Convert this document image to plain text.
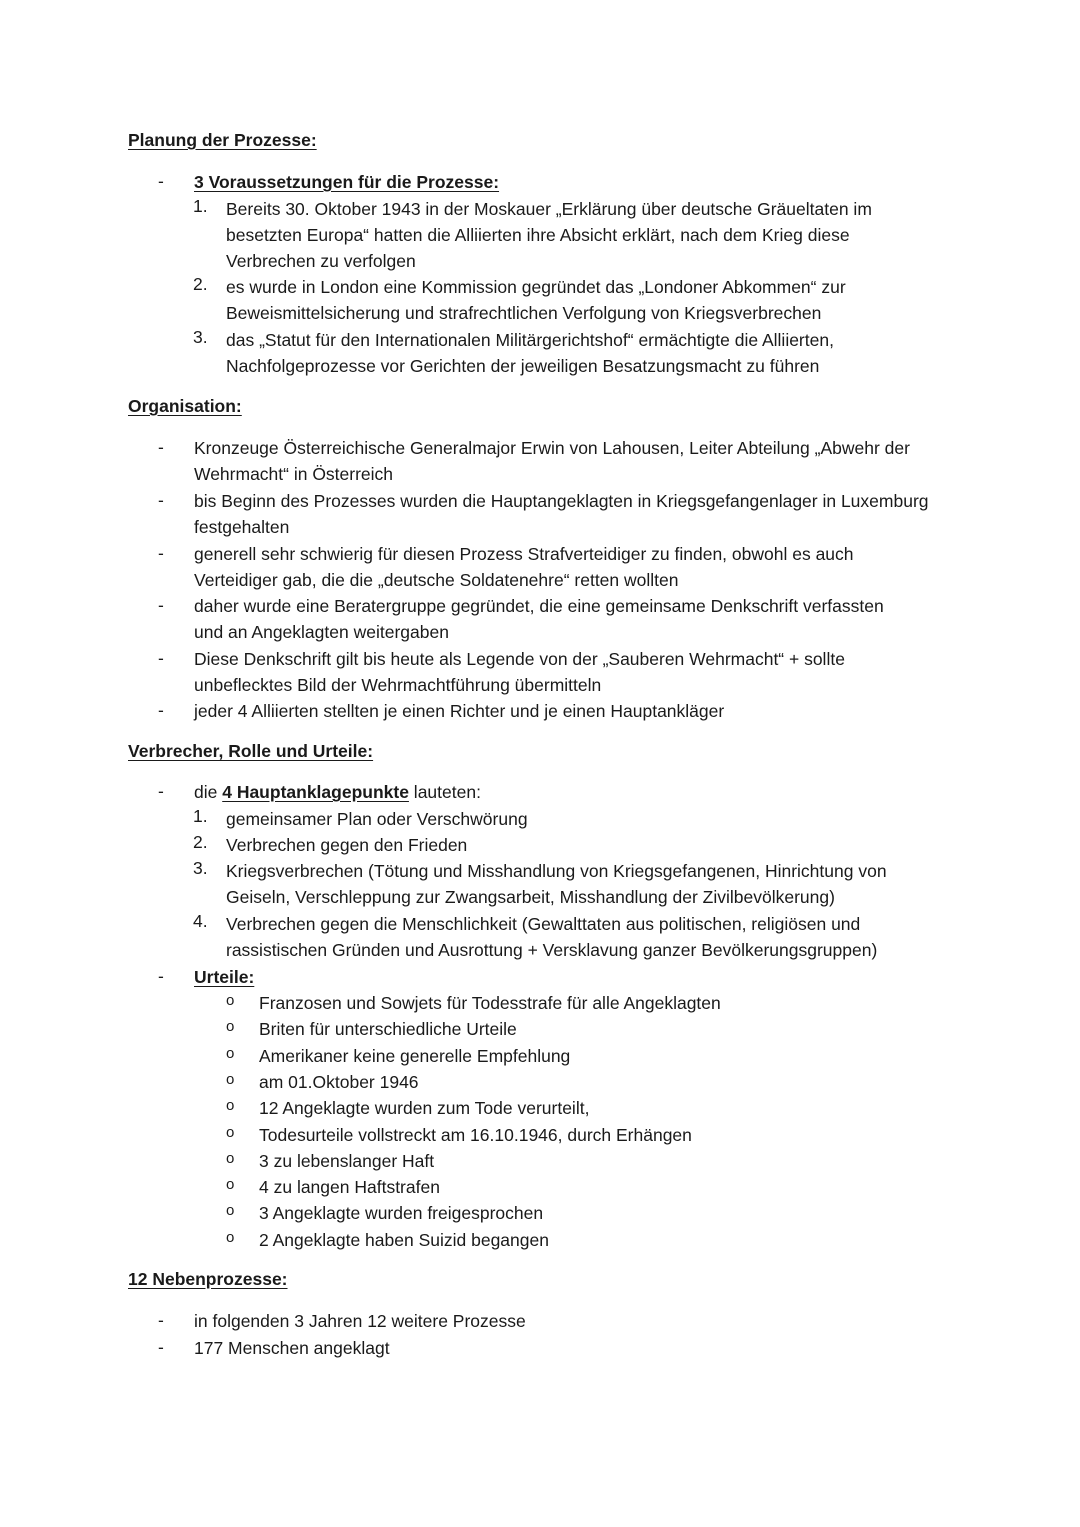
Planung der Prozesse:
- 3 Voraussetzungen für die Prozesse:
1. Bereits 30. Oktober 1943 in der Moskauer „Erklärung über deutsche Gräueltaten im
besetzten Europa“ hatten die Alliierten ihre Absicht erklärt, nach dem Krieg diese
Verbrechen zu verfolgen
2. es wurde in London eine Kommission gegründet das „Londoner Abkommen“ zur
Beweismittelsicherung und strafrechtlichen Verfolgung von Kriegsverbrechen
3. das „Statut für den Internationalen Militärgerichtshof“ ermächtigte die Alliierten,
Nachfolgeprozesse vor Gerichten der jeweiligen Besatzungsmacht zu führen
Organisation:
- Kronzeuge Österreichische Generalmajor Erwin von Lahousen, Leiter Abteilung „Abwehr der
Wehrmacht“ in Österreich
- bis Beginn des Prozesses wurden die Hauptangeklagten in Kriegsgefangenlager in Luxemburg
festgehalten
- generell sehr schwierig für diesen Prozess Strafverteidiger zu finden, obwohl es auch
Verteidiger gab, die die „deutsche Soldatenehre“ retten wollten
- daher wurde eine Beratergruppe gegründet, die eine gemeinsame Denkschrift verfassten
und an Angeklagten weitergaben
- Diese Denkschrift gilt bis heute als Legende von der „Sauberen Wehrmacht“ + sollte
unbeflecktes Bild der Wehrmachtführung übermitteln
- jeder 4 Alliierten stellten je einen Richter und je einen Hauptankläger
Verbrecher, Rolle und Urteile:
- die 4 Hauptanklagepunkte lauteten:
1. gemeinsamer Plan oder Verschwörung
2. Verbrechen gegen den Frieden
3. Kriegsverbrechen (Tötung und Misshandlung von Kriegsgefangenen, Hinrichtung von
Geiseln, Verschleppung zur Zwangsarbeit, Misshandlung der Zivilbevölkerung)
4. Verbrechen gegen die Menschlichkeit (Gewalttaten aus politischen, religiösen und
rassistischen Gründen und Ausrottung + Versklavung ganzer Bevölkerungsgruppen)
- Urteile:
o Franzosen und Sowjets für Todesstrafe für alle Angeklagten
o Briten für unterschiedliche Urteile
o Amerikaner keine generelle Empfehlung
o am 01.Oktober 1946
o 12 Angeklagte wurden zum Tode verurteilt,
o Todesurteile vollstreckt am 16.10.1946, durch Erhängen
o 3 zu lebenslanger Haft
o 4 zu langen Haftstrafen
o 3 Angeklagte wurden freigesprochen
o 2 Angeklagte haben Suizid begangen
12 Nebenprozesse:
- in folgenden 3 Jahren 12 weitere Prozesse
- 177 Menschen angeklagt
